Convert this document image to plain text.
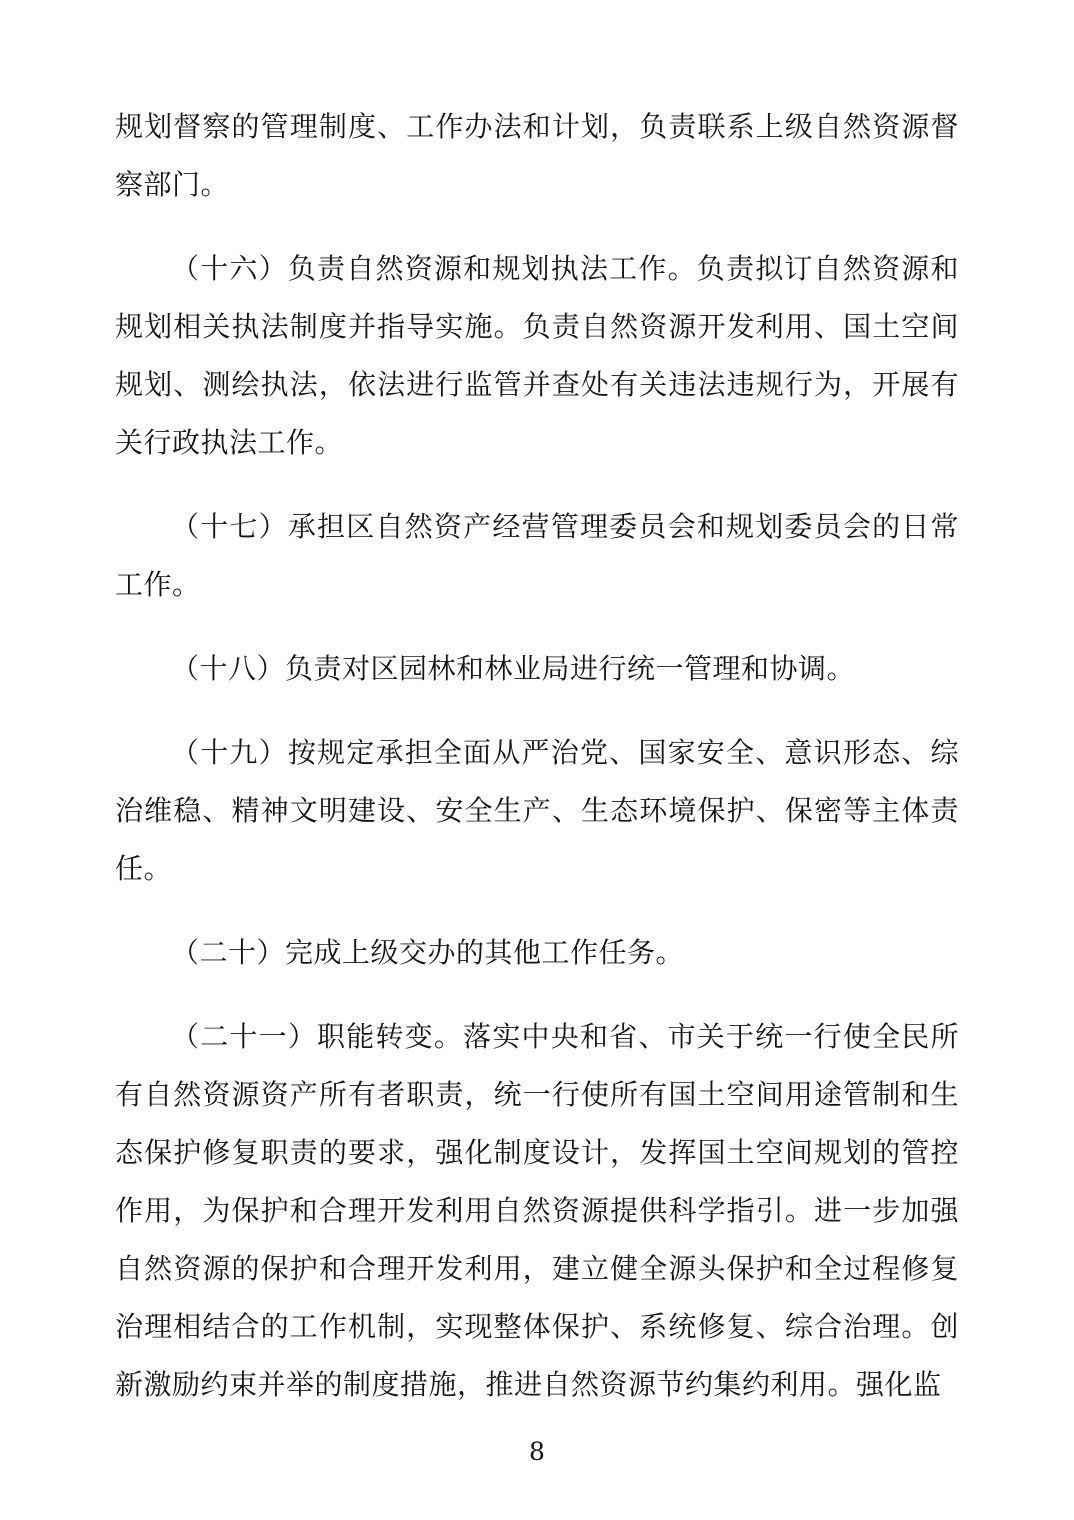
规划督察的管理制度、工作办法和计划，负责联系上级自然资源督察部门。

（十六）负责自然资源和规划执法工作。负责拟订自然资源和规划相关执法制度并指导实施。负责自然资源开发利用、国土空间规划、测绘执法，依法进行监管并查处有关违法违规行为，开展有关行政执法工作。

（十七）承担区自然资产经营管理委员会和规划委员会的日常工作。

（十八）负责对区园林和林业局进行统一管理和协调。

（十九）按规定承担全面从严治党、国家安全、意识形态、综治维稳、精神文明建设、安全生产、生态环境保护、保密等主体责任。

（二十）完成上级交办的其他工作任务。

（二十一）职能转变。落实中央和省、市关于统一行使全民所有自然资源资产所有者职责，统一行使所有国土空间用途管制和生态保护修复职责的要求，强化制度设计，发挥国土空间规划的管控作用，为保护和合理开发利用自然资源提供科学指引。进一步加强自然资源的保护和合理开发利用，建立健全源头保护和全过程修复治理相结合的工作机制，实现整体保护、系统修复、综合治理。创新激励约束并举的制度措施，推进自然资源节约集约利用。强化监

8
